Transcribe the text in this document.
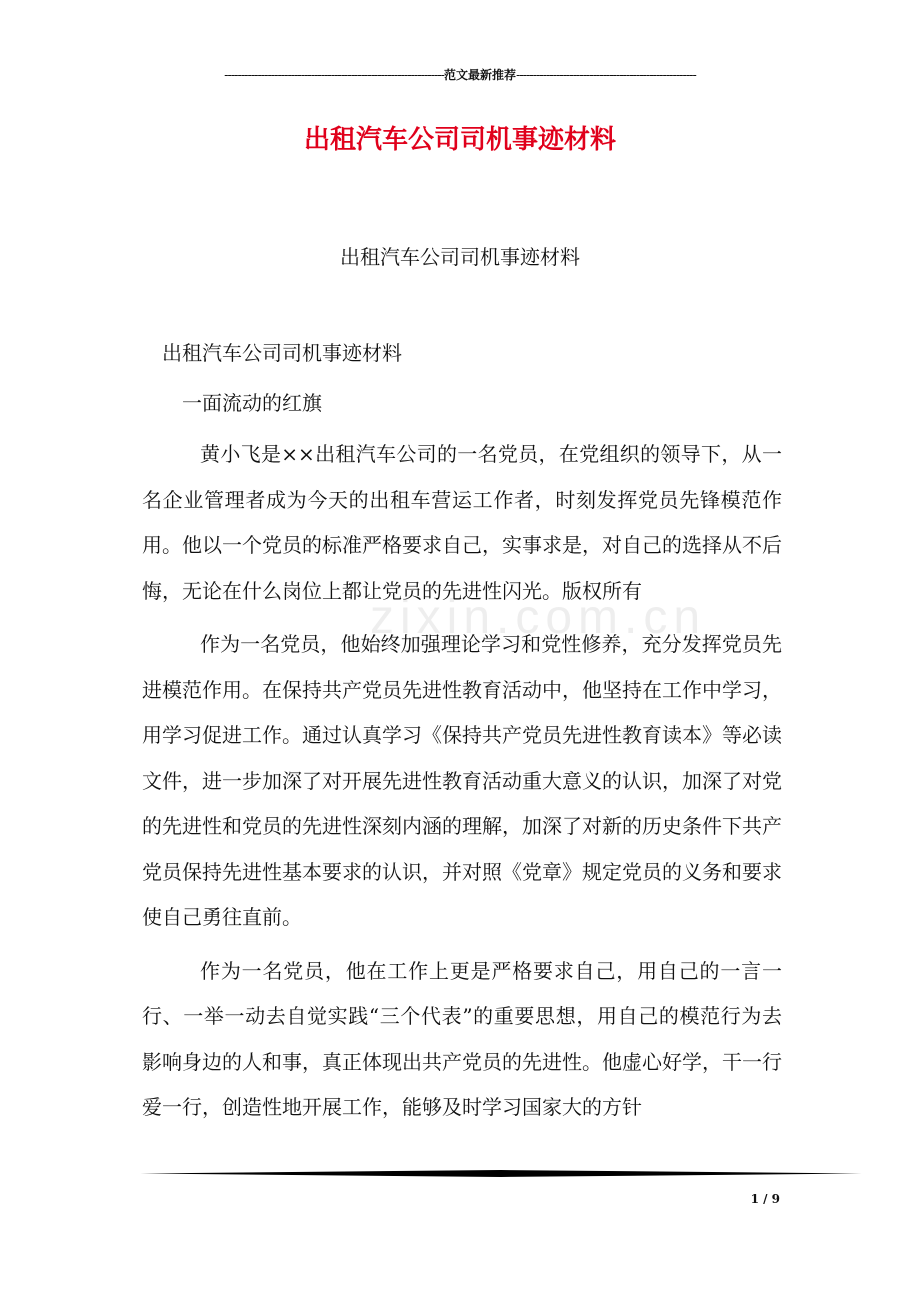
------------------------------------------------------------------范文最新推荐------------------------------------------------------
出租汽车公司司机事迹材料
出租汽车公司司机事迹材料
zixin.com.cn

出租汽车公司司机事迹材料

一面流动的红旗

黄小飞是××出租汽车公司的一名党员，在党组织的领导下，从一名企业管理者成为今天的出租车营运工作者，时刻发挥党员先锋模范作用。他以一个党员的标准严格要求自己，实事求是，对自己的选择从不后悔，无论在什么岗位上都让党员的先进性闪光。版权所有

作为一名党员，他始终加强理论学习和党性修养，充分发挥党员先进模范作用。在保持共产党员先进性教育活动中，他坚持在工作中学习，用学习促进工作。通过认真学习《保持共产党员先进性教育读本》等必读文件，进一步加深了对开展先进性教育活动重大意义的认识，加深了对党的先进性和党员的先进性深刻内涵的理解，加深了对新的历史条件下共产党员保持先进性基本要求的认识，并对照《党章》规定党员的义务和要求使自己勇往直前。

作为一名党员，他在工作上更是严格要求自己，用自己的一言一行、一举一动去自觉实践“三个代表”的重要思想，用自己的模范行为去影响身边的人和事，真正体现出共产党员的先进性。他虚心好学，干一行爱一行，创造性地开展工作，能够及时学习国家大的方针

1 / 9
